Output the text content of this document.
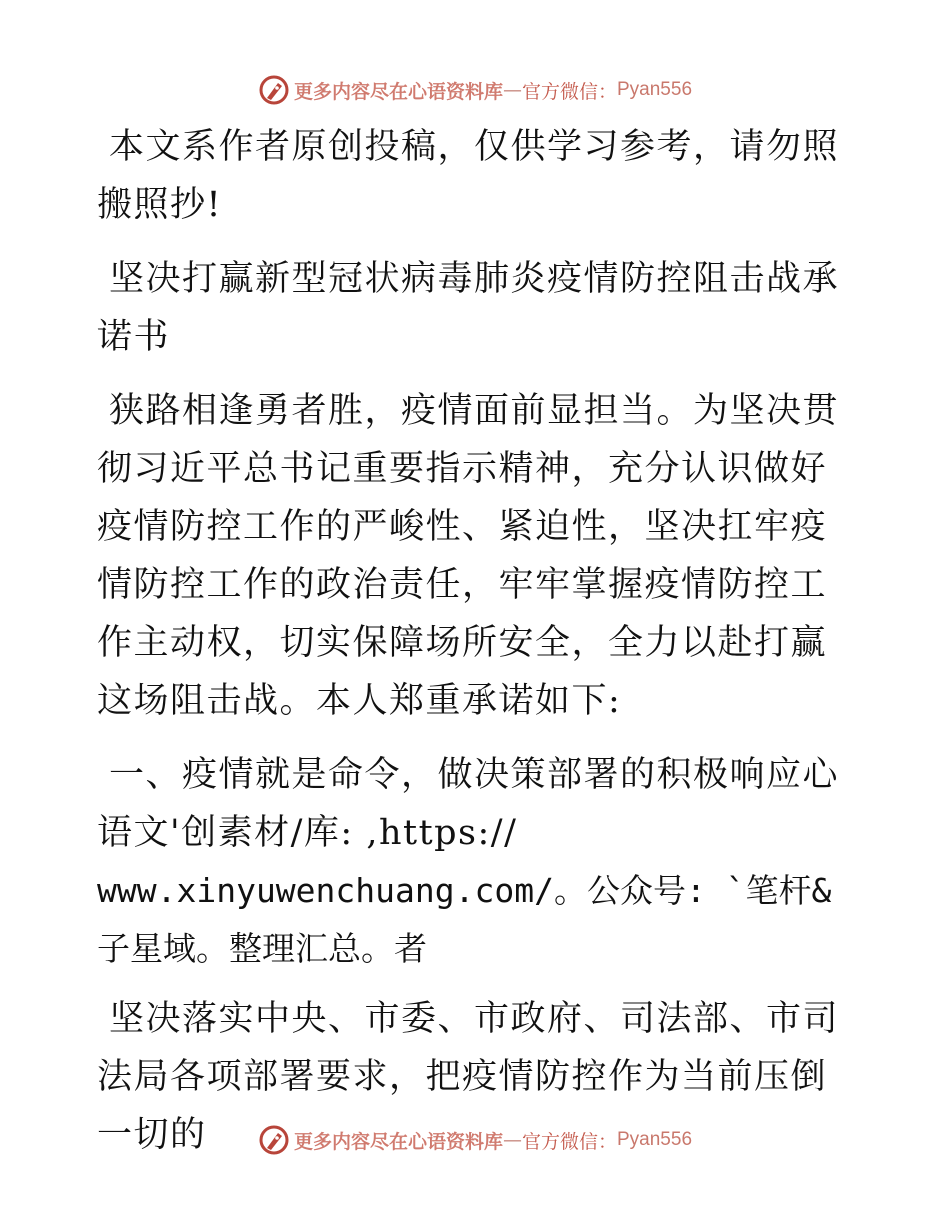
更多内容尽在心语资料库 — 官方微信： Pyan556

本文系作者原创投稿，仅供学习参考，请勿照搬照抄!

坚决打赢新型冠状病毒肺炎疫情防控阻击战承诺书

狭路相逢勇者胜，疫情面前显担当。为坚决贯彻习近平总书记重要指示精神，充分认识做好疫情防控工作的严峻性、紧迫性，坚决扛牢疫情防控工作的政治责任，牢牢掌握疫情防控工作主动权，切实保障场所安全，全力以赴打赢这场阻击战。本人郑重承诺如下:

一、疫情就是命令，做决策部署的积极响应心语文'创素材/库: ,https://
www.xinyuwenchuang.com/。公众号: `笔杆&子星域。整理汇总。者

坚决落实中央、市委、市政府、司法部、市司法局各项部署要求，把疫情防控作为当前压倒一切的	更多内容尽在心语资料库 — 官方微信： Pyan556
